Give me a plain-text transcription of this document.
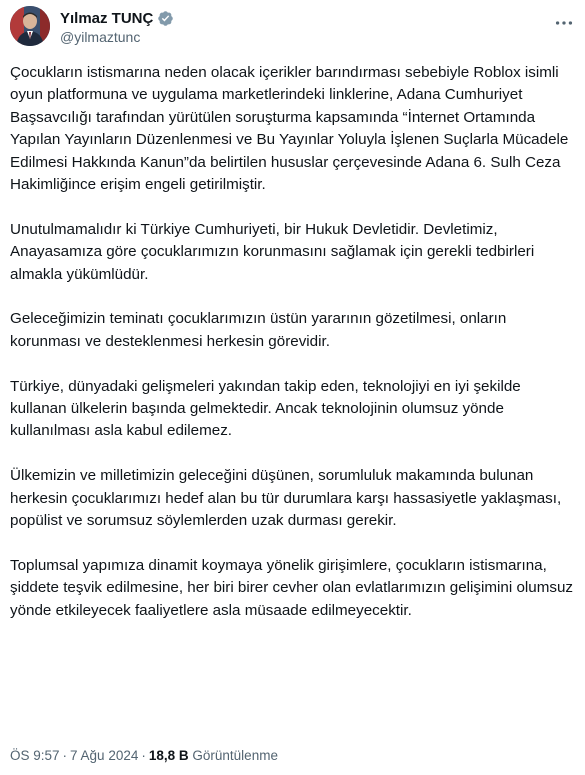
Yılmaz TUNÇ
@yilmaztunc

Çocukların istismarına neden olacak içerikler barındırması sebebiyle Roblox isimli oyun platformuna ve uygulama marketlerindeki linklerine, Adana Cumhuriyet Başsavcılığı tarafından yürütülen soruşturma kapsamında “İnternet Ortamında Yapılan Yayınların Düzenlenmesi ve Bu Yayınlar Yoluyla İşlenen Suçlarla Mücadele Edilmesi Hakkında Kanun”da belirtilen hususlar çerçevesinde Adana 6. Sulh Ceza Hakimliğince erişim engeli getirilmiştir.

Unutulmamalıdır ki Türkiye Cumhuriyeti, bir Hukuk Devletidir. Devletimiz, Anayasamıza göre çocuklarımızın korunmasını sağlamak için gerekli tedbirleri almakla yükümlüdür.

Geleceğimizin teminatı çocuklarımızın üstün yararının gözetilmesi, onların korunması ve desteklenmesi herkesin görevidir.

Türkiye, dünyadaki gelişmeleri yakından takip eden, teknolojiyi en iyi şekilde kullanan ülkelerin başında gelmektedir. Ancak teknolojinin olumsuz yönde kullanılması asla kabul edilemez.

Ülkemizin ve milletimizin geleceğini düşünen, sorumluluk makamında bulunan herkesin çocuklarımızı hedef alan bu tür durumlara karşı hassasiyetle yaklaşması, popülist ve sorumsuz söylemlerden uzak durması gerekir.

Toplumsal yapımıza dinamit koymaya yönelik girişimlere, çocukların istismarına, şiddete teşvik edilmesine, her biri birer cevher olan evlatlarımızın gelişimini olumsuz yönde etkileyecek faaliyetlere asla müsaade edilmeyecektir.

ÖS 9:57 · 7 Ağu 2024 · 18,8 B Görüntülenme
